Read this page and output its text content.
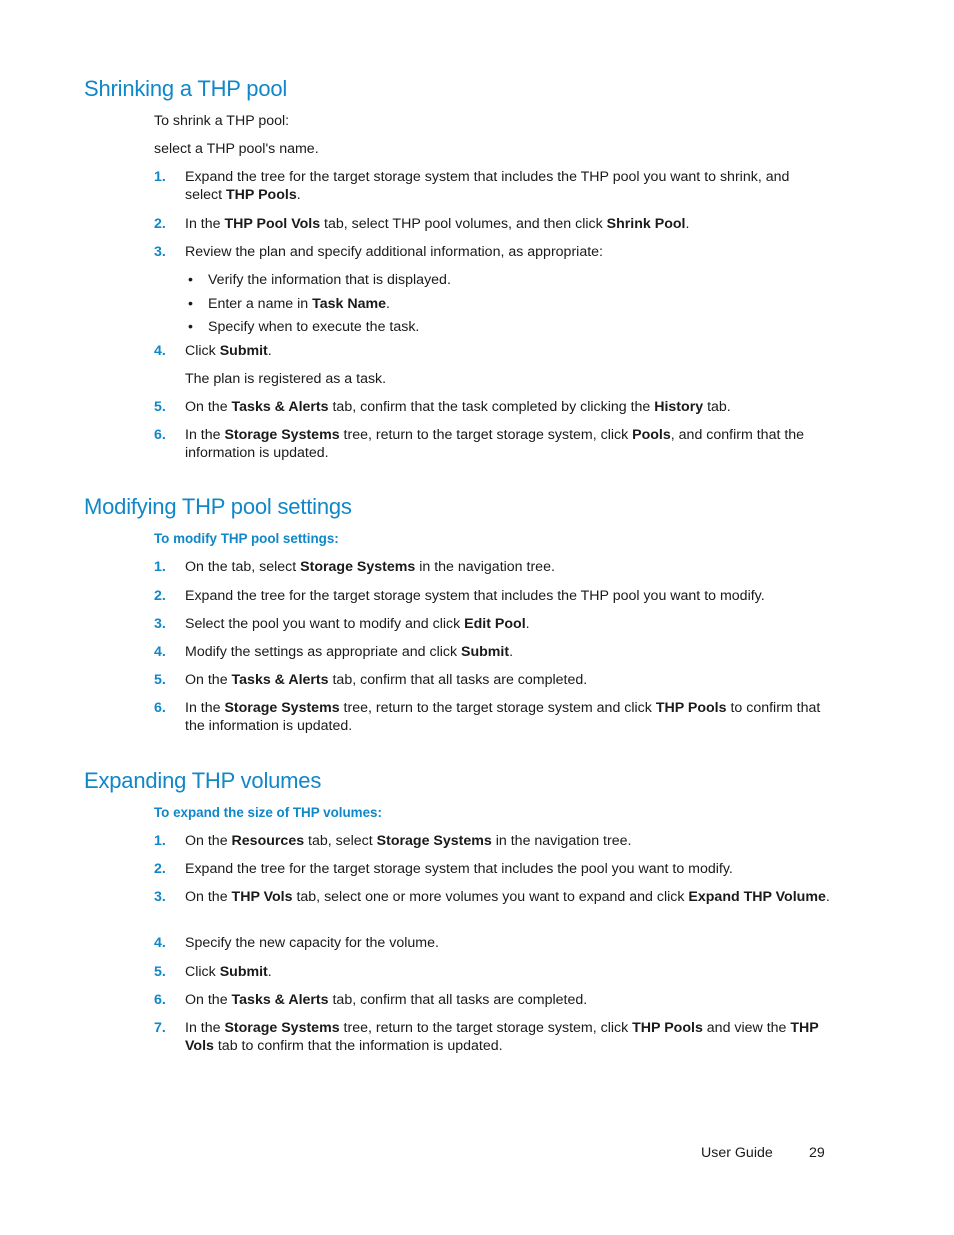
Shrinking a THP pool

To shrink a THP pool:

select a THP pool's name.

1. Expand the tree for the target storage system that includes the THP pool you want to shrink, and select THP Pools.
2. In the THP Pool Vols tab, select THP pool volumes, and then click Shrink Pool.
3. Review the plan and specify additional information, as appropriate:
• Verify the information that is displayed.
• Enter a name in Task Name.
• Specify when to execute the task.
4. Click Submit.
The plan is registered as a task.
5. On the Tasks & Alerts tab, confirm that the task completed by clicking the History tab.
6. In the Storage Systems tree, return to the target storage system, click Pools, and confirm that the information is updated.
Modifying THP pool settings

To modify THP pool settings:

1. On the tab, select Storage Systems in the navigation tree.
2. Expand the tree for the target storage system that includes the THP pool you want to modify.
3. Select the pool you want to modify and click Edit Pool.
4. Modify the settings as appropriate and click Submit.
5. On the Tasks & Alerts tab, confirm that all tasks are completed.
6. In the Storage Systems tree, return to the target storage system and click THP Pools to confirm that the information is updated.
Expanding THP volumes

To expand the size of THP volumes:

1. On the Resources tab, select Storage Systems in the navigation tree.
2. Expand the tree for the target storage system that includes the pool you want to modify.
3. On the THP Vols tab, select one or more volumes you want to expand and click Expand THP Volume.
4. Specify the new capacity for the volume.
5. Click Submit.
6. On the Tasks & Alerts tab, confirm that all tasks are completed.
7. In the Storage Systems tree, return to the target storage system, click THP Pools and view the THP Vols tab to confirm that the information is updated.
User Guide	29
